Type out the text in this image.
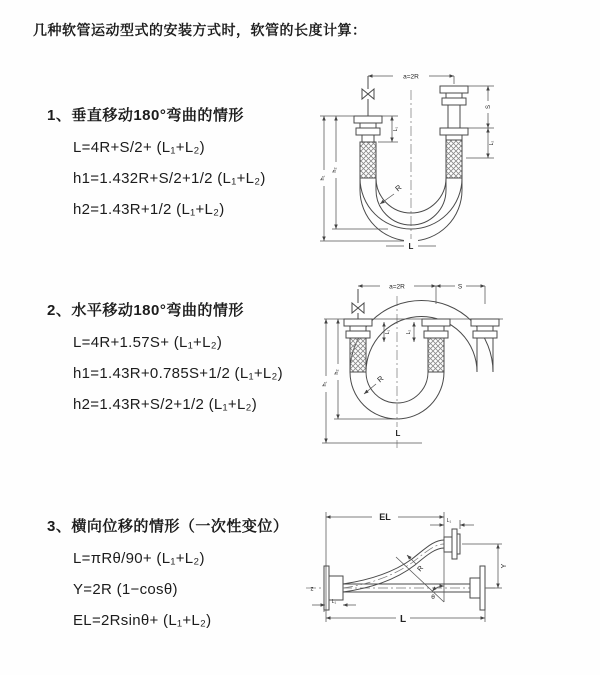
几种软管运动型式的安装方式时，软管的长度计算：
1、垂直移动180°弯曲的情形
L=4R+S/2+ (L₁+L₂)
h1=1.432R+S/2+1/2 (L₁+L₂)
h2=1.43R+1/2 (L₁+L₂)
2、水平移动180°弯曲的情形
L=4R+1.57S+ (L₁+L₂)
h1=1.43R+0.785S+1/2 (L₁+L₂)
h2=1.43R+S/2+1/2 (L₁+L₂)
3、横向位移的情形（一次性变位）
L=πRθ/90+ (L₁+L₂)
Y=2R (1−cosθ)
EL=2Rsinθ+ (L₁+L₂)
a=2R
L₁
S
L₂
h₁
h₂
R
L
a=2R	S
L₁	L₂
h₁
h₂
R
L
z
EL	L₁
Y
R
θ
L₁
L
